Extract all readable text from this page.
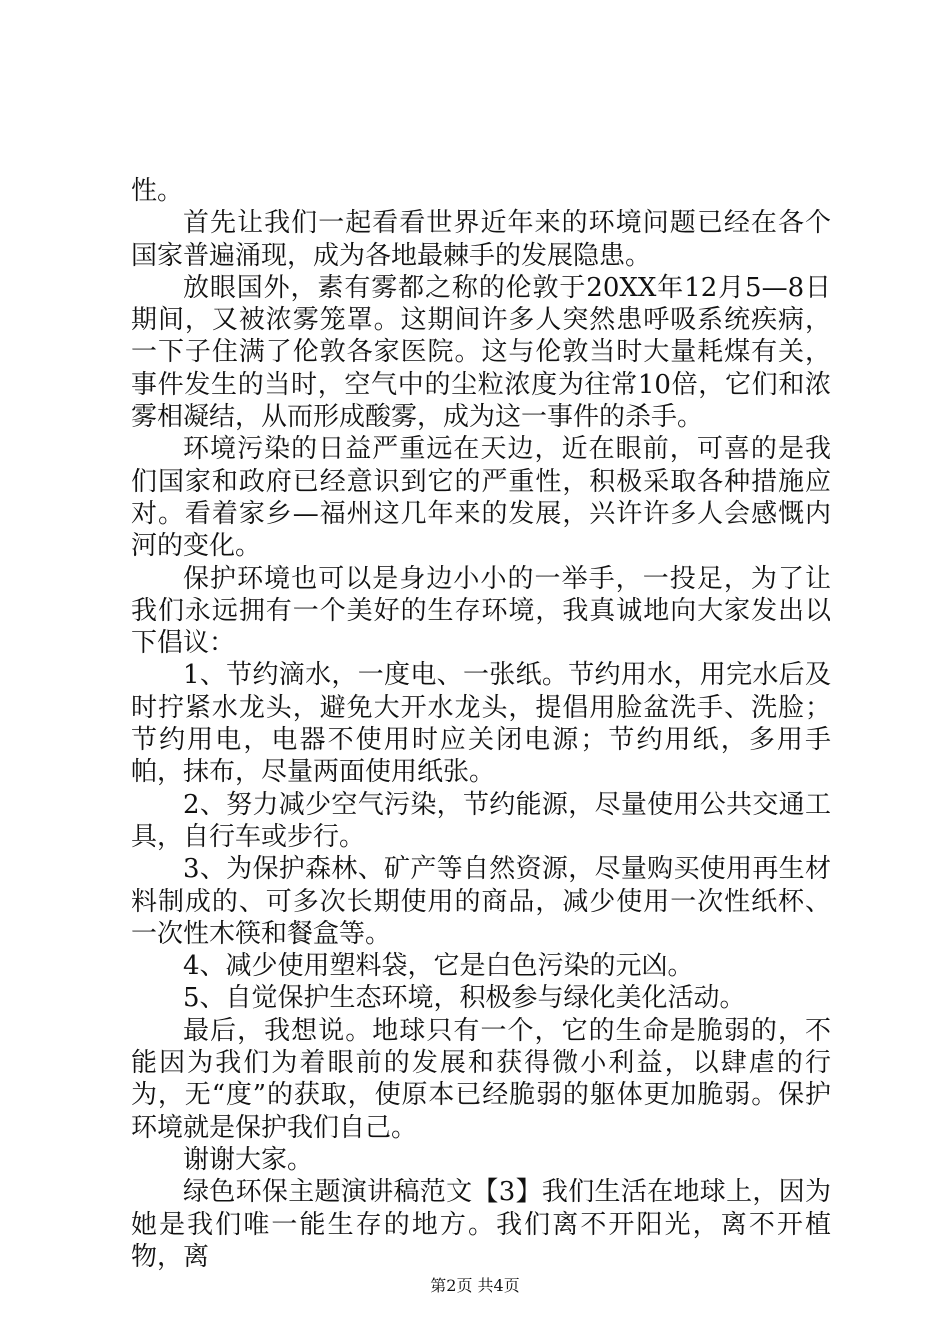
性。

首先让我们一起看看世界近年来的环境问题已经在各个国家普遍涌现，成为各地最棘手的发展隐患。

放眼国外，素有雾都之称的伦敦于20XX年12月5—8日期间，又被浓雾笼罩。这期间许多人突然患呼吸系统疾病，一下子住满了伦敦各家医院。这与伦敦当时大量耗煤有关，事件发生的当时，空气中的尘粒浓度为往常10倍，它们和浓雾相凝结，从而形成酸雾，成为这一事件的杀手。

环境污染的日益严重远在天边，近在眼前，可喜的是我们国家和政府已经意识到它的严重性，积极采取各种措施应对。看着家乡—福州这几年来的发展，兴许许多人会感慨内河的变化。

保护环境也可以是身边小小的一举手，一投足，为了让我们永远拥有一个美好的生存环境，我真诚地向大家发出以下倡议：

1、节约滴水，一度电、一张纸。节约用水，用完水后及时拧紧水龙头，避免大开水龙头，提倡用脸盆洗手、洗脸；节约用电，电器不使用时应关闭电源；节约用纸，多用手帕，抹布，尽量两面使用纸张。

2、努力减少空气污染，节约能源，尽量使用公共交通工具，自行车或步行。

3、为保护森林、矿产等自然资源，尽量购买使用再生材料制成的、可多次长期使用的商品，减少使用一次性纸杯、一次性木筷和餐盒等。

4、减少使用塑料袋，它是白色污染的元凶。

5、自觉保护生态环境，积极参与绿化美化活动。

最后，我想说。地球只有一个，它的生命是脆弱的，不能因为我们为着眼前的发展和获得微小利益，以肆虐的行为，无“度”的获取，使原本已经脆弱的躯体更加脆弱。保护环境就是保护我们自己。

谢谢大家。

绿色环保主题演讲稿范文【3】我们生活在地球上，因为她是我们唯一能生存的地方。我们离不开阳光，离不开植物，离

第2页 共4页
